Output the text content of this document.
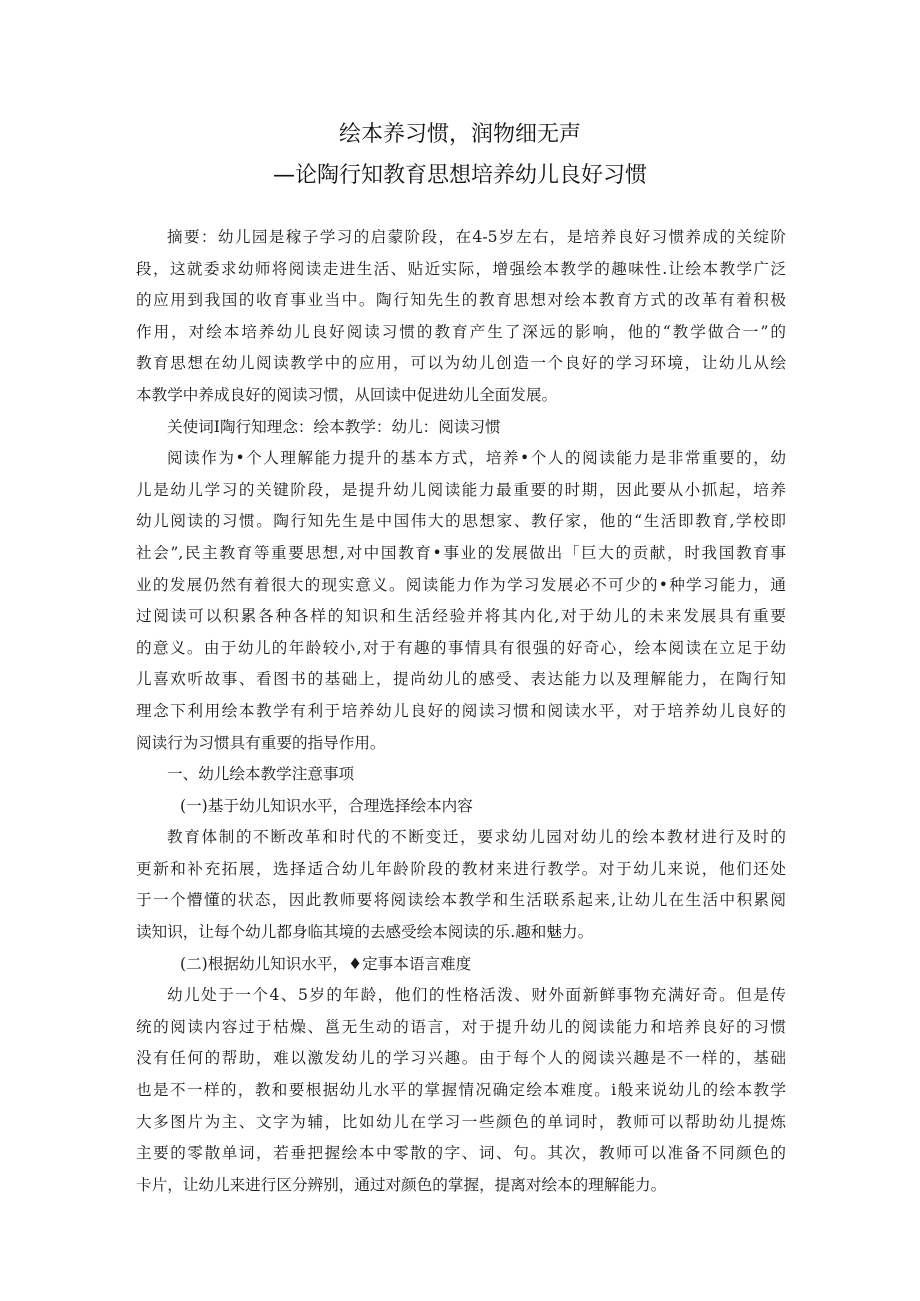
绘本养习惯，润物细无声
—论陶行知教育思想培养幼儿良好习惯
摘要：幼儿园是稼子学习的启蒙阶段，在4-5岁左右，是培养良好习惯养成的关绽阶
段，这就委求幼师将阅读走进生活、贴近实际，增强绘本教学的趣味性.让绘本教学广泛
的应用到我国的收育事业当中。陶行知先生的教育思想对绘本教育方式的改革有着积极
作用，对绘本培养幼儿良好阅读习惯的教育产生了深远的影响，他的“教学做合一”的
教育思想在幼儿阅读教学中的应用，可以为幼儿创造一个良好的学习环境，让幼儿从绘
本教学中养成良好的阅读习惯，从回读中促进幼儿全面发展。
关使词Ⅰ陶行知理念：绘本教学：幼儿：阅读习惯
阅读作为•个人理解能力提升的基本方式，培养•个人的阅读能力是非常重要的，幼
儿是幼儿学习的关键阶段，是提升幼儿阅读能力最重要的时期，因此要从小抓起，培养
幼儿阅读的习惯。陶行知先生是中国伟大的思想家、教仔家，他的“生活即教育,学校即
社会”,民主教育等重要思想,对中国教育•事业的发展做出「巨大的贡献，时我国教育事
业的发展仍然有着很大的现实意义。阅读能力作为学习发展必不可少的•种学习能力，通
过阅读可以积累各种各样的知识和生活经验并将其内化,对于幼儿的未来发展具有重要
的意义。由于幼儿的年龄较小,对于有趣的事情具有很强的好奇心，绘本阅读在立足于幼
儿喜欢听故事、看图书的基础上，提尚幼儿的感受、表达能力以及理解能力，在陶行知
理念下利用绘本教学有利于培养幼儿良好的阅读习惯和阅读水平，对于培养幼儿良好的
阅读行为习惯具有重要的指导作用。
一、幼儿绘本教学注意事项
(一)基于幼儿知识水平，合理选择绘本内容
教育体制的不断改革和时代的不断变迁，要求幼儿园对幼儿的绘本教材进行及时的
更新和补充拓展，选择适合幼儿年龄阶段的教材来进行教学。对于幼儿来说，他们还处
于一个懵懂的状态，因此教师要将阅读绘本教学和生活联系起来,让幼儿在生活中积累阅
读知识，让每个幼儿都身临其境的去感受绘本阅读的乐.趣和魅力。
(二)根据幼儿知识水平，♦定事本语言难度
幼儿处于一个4、5岁的年龄，他们的性格活泼、财外面新鲜事物充满好奇。但是传
统的阅读内容过于枯燥、邕无生动的语言，对于提升幼儿的阅读能力和培养良好的习惯
没有任何的帮助，难以激发幼儿的学习兴趣。由于每个人的阅读兴趣是不一样的，基础
也是不一样的，教和要根据幼儿水平的掌握情况确定绘本难度。i般来说幼儿的绘本教学
大多图片为主、文字为辅，比如幼儿在学习一些颜色的单词时，教师可以帮助幼儿提炼
主要的零散单词，若垂把握绘本中零散的字、词、句。其次，教师可以准备不同颜色的
卡片，让幼儿来进行区分辨别，通过对颜色的掌握，提离对绘本的理解能力。
